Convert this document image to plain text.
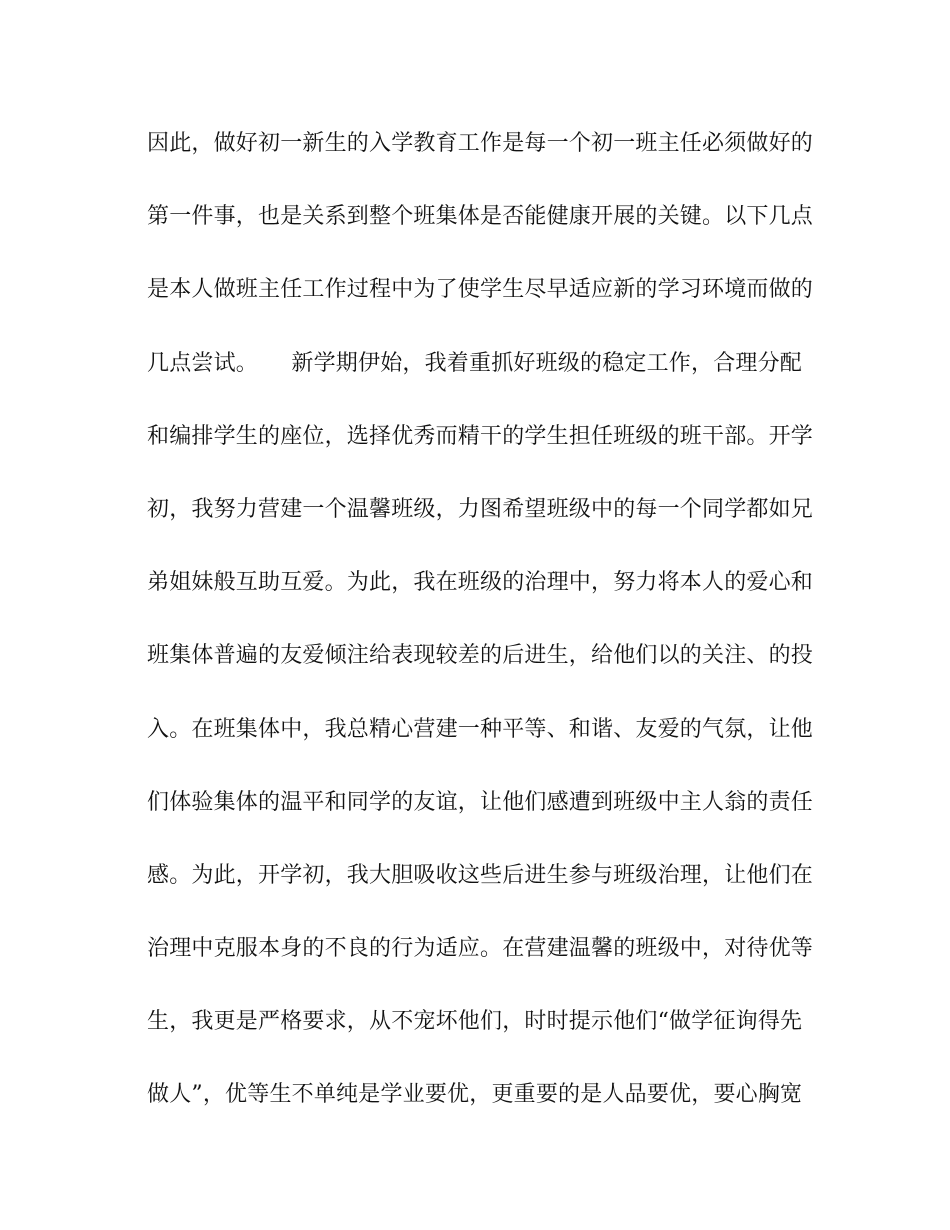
因此，做好初一新生的入学教育工作是每一个初一班主任必须做好的
第一件事，也是关系到整个班集体是否能健康开展的关键。以下几点
是本人做班主任工作过程中为了使学生尽早适应新的学习环境而做的
几点尝试。　　新学期伊始，我着重抓好班级的稳定工作，合理分配
和编排学生的座位，选择优秀而精干的学生担任班级的班干部。开学
初，我努力营建一个温馨班级，力图希望班级中的每一个同学都如兄
弟姐妹般互助互爱。为此，我在班级的治理中，努力将本人的爱心和
班集体普遍的友爱倾注给表现较差的后进生，给他们以的关注、的投
入。在班集体中，我总精心营建一种平等、和谐、友爱的气氛，让他
们体验集体的温平和同学的友谊，让他们感遭到班级中主人翁的责任
感。为此，开学初，我大胆吸收这些后进生参与班级治理，让他们在
治理中克服本身的不良的行为适应。在营建温馨的班级中，对待优等
生，我更是严格要求，从不宠坏他们，时时提示他们“做学征询得先
做人”，优等生不单纯是学业要优，更重要的是人品要优，要心胸宽
